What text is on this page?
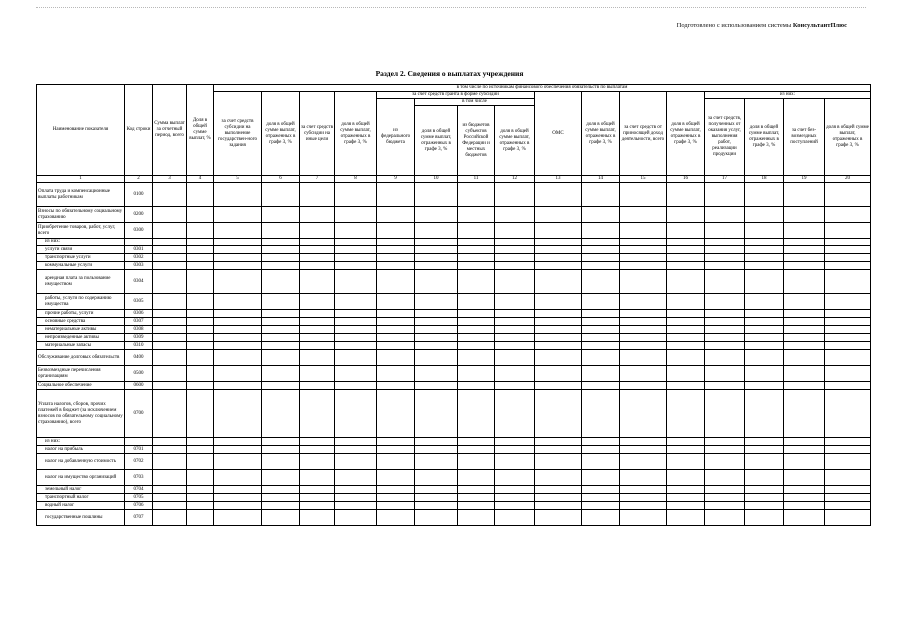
Подготовлено с использованием системы КонсультантПлюс
Раздел 2. Сведения о выплатах учреждения
Наименование показателя	Код строки	Сумма выплат за отчетный период, всего	Доля в общей сумме выплат, %	в том числе по источникам финансового обеспечения обязательств по выплатам															
				за счет средств субсидии на выполнение государствен-ного задания	доля в общей сумме выплат, отраженных в графе 3, %	за счет средств субсидии на иные цели	доля в общей сумме выплат, отраженных в графе 3, %	за счет средств гранта в форме субсидии				ОМС	доля в общей сумме выплат, отраженных в графе 3, %	за счет средств от приносящей доход деятельности, всего	доля в общей сумме выплат, отраженных в графе 3, %	из них:			
								из федерального бюджета	в том числе							за счет средств, полученных от оказания услуг, выполнения работ, реализации продукции	доля в общей сумме выплат, отраженных в графе 3, %	за счет без-возмездных поступлений	доля в общей сумме выплат, отраженных в графе 3, %
									доля в общей сумме выплат, отраженных в графе 3, %	из бюджетов субъектов Российской Федерации и местных бюджетов	доля в общей сумме выплат, отраженных в графе 3, %								
1	2	3	4	5	6	7	8	9	10	11	12	13	14	15	16	17	18	19	20
Оплата труда и компенсационные выплаты работникам	0100																		
Взносы по обязательному социальному страхованию	0200																		
Приобретение товаров, работ, услуг, всего	0300																		
из них:																			
услуги связи	0301																		
транспортные услуги	0302																		
коммунальные услуги	0303																		
арендная плата за пользование имуществом	0304																		
работы, услуги по содержанию имущества	0305																		
прочие работы, услуги	0306																		
основные средства	0307																		
нематериальные активы	0308																		
непроизведенные активы	0309																		
материальные запасы	0310																		
Обслуживание долговых обязательств	0400																		
Безвозмездные перечисления организациям	0500																		
Социальное обеспечение	0600																		
Уплата налогов, сборов, прочих платежей в бюджет (за исключением взносов по обязательному социальному страхованию), всего	0700																		
из них:																			
налог на прибыль	0701																		
налог на добавленную стоимость	0702																		
налог на имущество организаций	0703																		
земельный налог	0704																		
транспортный налог	0705																		
водный налог	0706																		
государственные пошлины	0707																		
